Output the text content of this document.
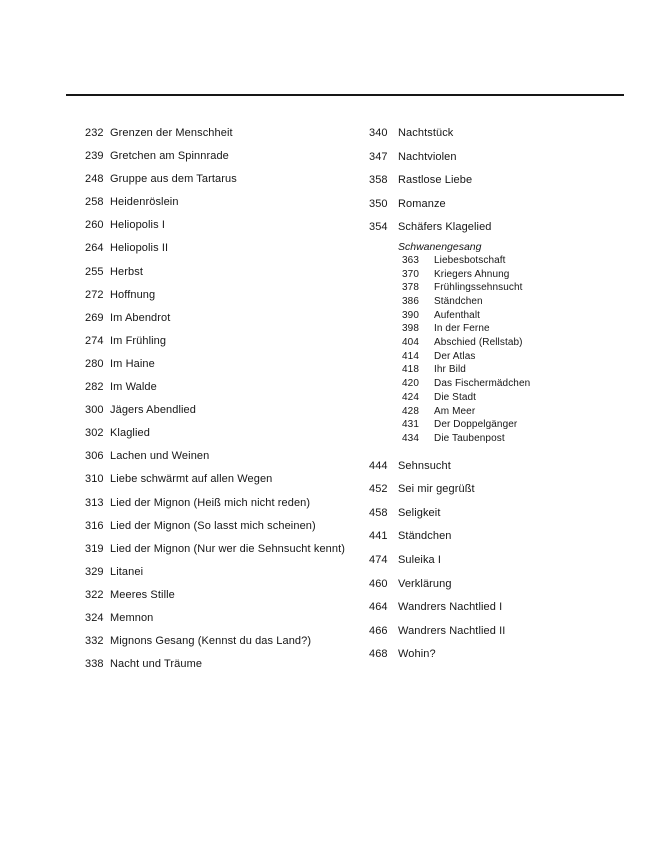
232 Grenzen der Menschheit
239 Gretchen am Spinnrade
248 Gruppe aus dem Tartarus
258 Heidenröslein
260 Heliopolis I
264 Heliopolis II
255 Herbst
272 Hoffnung
269 Im Abendrot
274 Im Frühling
280 Im Haine
282 Im Walde
300 Jägers Abendlied
302 Klaglied
306 Lachen und Weinen
310 Liebe schwärmt auf allen Wegen
313 Lied der Mignon (Heiß mich nicht reden)
316 Lied der Mignon (So lasst mich scheinen)
319 Lied der Mignon (Nur wer die Sehnsucht kennt)
329 Litanei
322 Meeres Stille
324 Memnon
332 Mignons Gesang (Kennst du das Land?)
338 Nacht und Träume
340 Nachtstück
347 Nachtviolen
358 Rastlose Liebe
350 Romanze
354 Schäfers Klagelied
Schwanengesang
363	Liebesbotschaft
370	Kriegers Ahnung
378	Frühlingssehnsucht
386	Ständchen
390	Aufenthalt
398	In der Ferne
404	Abschied (Rellstab)
414	Der Atlas
418	Ihr Bild
420	Das Fischermädchen
424	Die Stadt
428	Am Meer
431	Der Doppelgänger
434	Die Taubenpost
444 Sehnsucht
452 Sei mir gegrüßt
458 Seligkeit
441 Ständchen
474 Suleika I
460 Verklärung
464 Wandrers Nachtlied I
466 Wandrers Nachtlied II
468 Wohin?
